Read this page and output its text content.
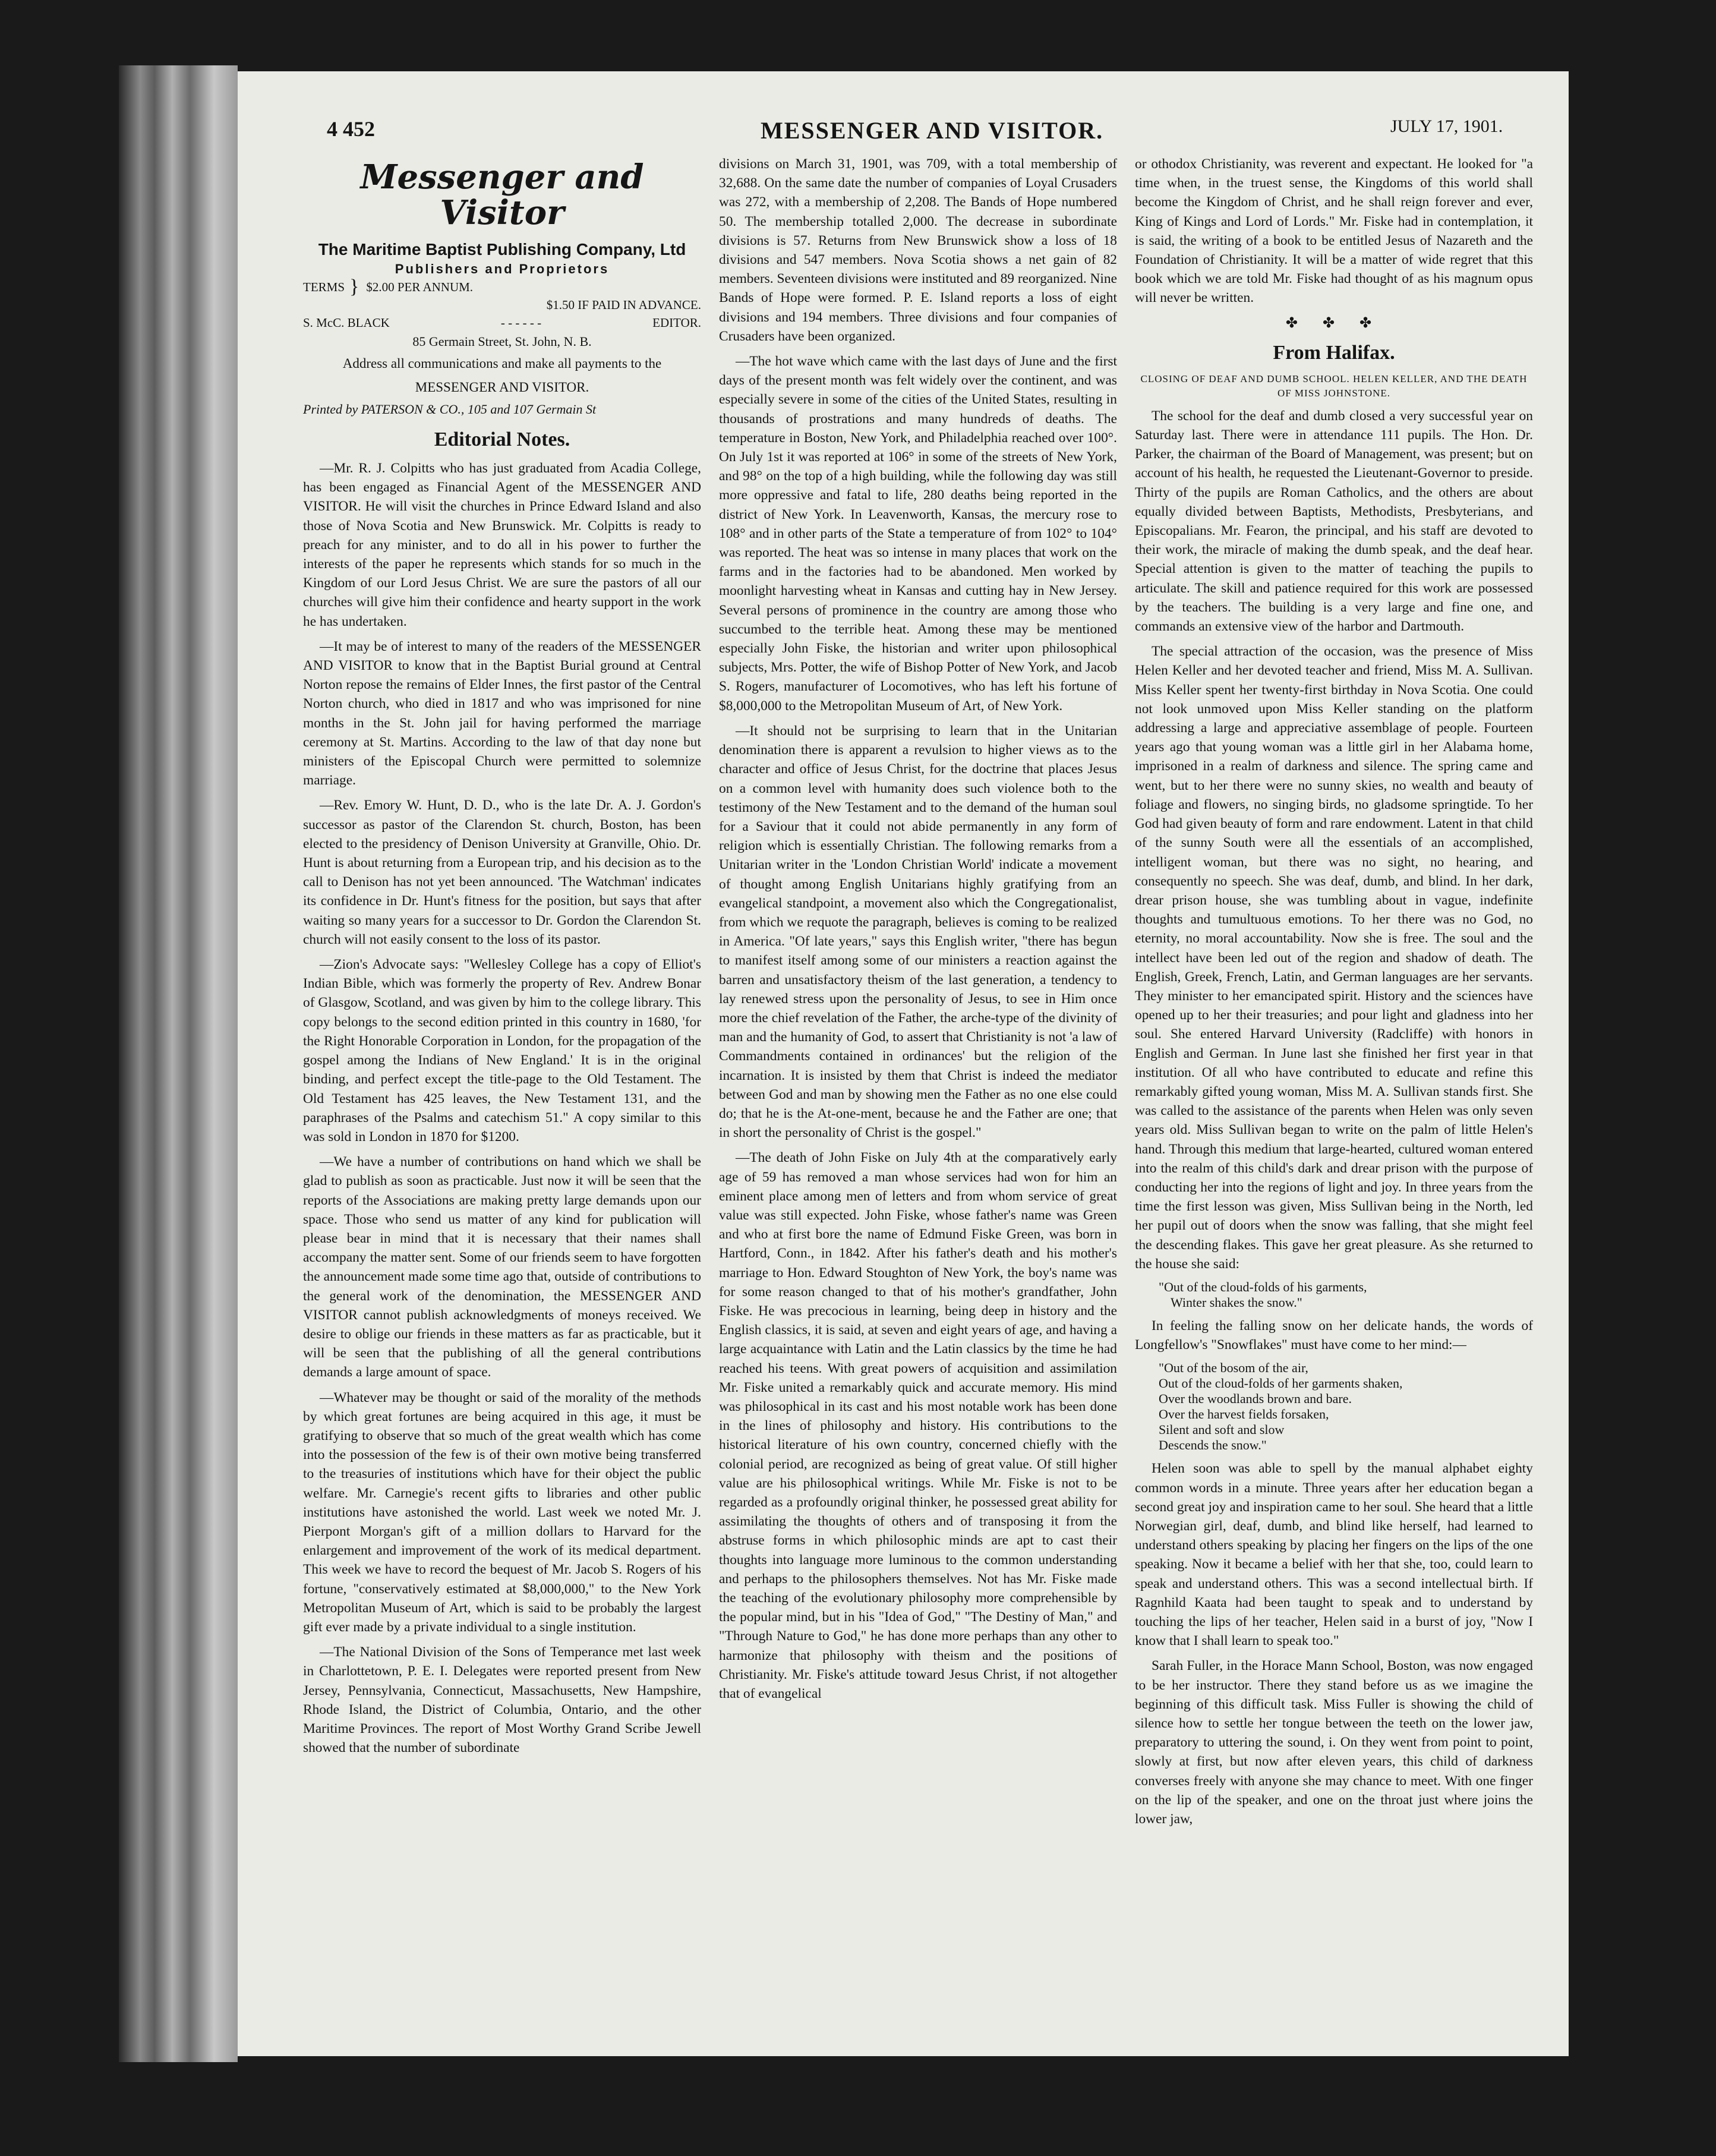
4 452	MESSENGER AND VISITOR.	JULY 17, 1901.
Messenger and Visitor
The Maritime Baptist Publishing Company, Ltd
Publishers and Proprietors
TERMS } $2.00 PER ANNUM.
$1.50 IF PAID IN ADVANCE.
S. McC. BLACK	- - - - - -	EDITOR.
85 Germain Street, St. John, N. B.
Address all communications and make all payments to the MESSENGER AND VISITOR.
Printed by PATERSON & CO., 105 and 107 Germain St
Editorial Notes.

—Mr. R. J. Colpitts who has just graduated from Acadia College, has been engaged as Financial Agent of the MESSENGER AND VISITOR. He will visit the churches in Prince Edward Island and also those of Nova Scotia and New Brunswick. Mr. Colpitts is ready to preach for any minister, and to do all in his power to further the interests of the paper he represents which stands for so much in the Kingdom of our Lord Jesus Christ. We are sure the pastors of all our churches will give him their confidence and hearty support in the work he has undertaken.

—It may be of interest to many of the readers of the MESSENGER AND VISITOR to know that in the Baptist Burial ground at Central Norton repose the remains of Elder Innes, the first pastor of the Central Norton church, who died in 1817 and who was imprisoned for nine months in the St. John jail for having performed the marriage ceremony at St. Martins. According to the law of that day none but ministers of the Episcopal Church were permitted to solemnize marriage.

—Rev. Emory W. Hunt, D. D., who is the late Dr. A. J. Gordon's successor as pastor of the Clarendon St. church, Boston, has been elected to the presidency of Denison University at Granville, Ohio. Dr. Hunt is about returning from a European trip, and his decision as to the call to Denison has not yet been announced. 'The Watchman' indicates its confidence in Dr. Hunt's fitness for the position, but says that after waiting so many years for a successor to Dr. Gordon the Clarendon St. church will not easily consent to the loss of its pastor.

—Zion's Advocate says: "Wellesley College has a copy of Elliot's Indian Bible, which was formerly the property of Rev. Andrew Bonar of Glasgow, Scotland, and was given by him to the college library. This copy belongs to the second edition printed in this country in 1680, 'for the Right Honorable Corporation in London, for the propagation of the gospel among the Indians of New England.' It is in the original binding, and perfect except the title-page to the Old Testament. The Old Testament has 425 leaves, the New Testament 131, and the paraphrases of the Psalms and catechism 51." A copy similar to this was sold in London in 1870 for $1200.

—We have a number of contributions on hand which we shall be glad to publish as soon as practicable. Just now it will be seen that the reports of the Associations are making pretty large demands upon our space. Those who send us matter of any kind for publication will please bear in mind that it is necessary that their names shall accompany the matter sent. Some of our friends seem to have forgotten the announcement made some time ago that, outside of contributions to the general work of the denomination, the MESSENGER AND VISITOR cannot publish acknowledgments of moneys received. We desire to oblige our friends in these matters as far as practicable, but it will be seen that the publishing of all the general contributions demands a large amount of space.

—Whatever may be thought or said of the morality of the methods by which great fortunes are being acquired in this age, it must be gratifying to observe that so much of the great wealth which has come into the possession of the few is of their own motive being transferred to the treasuries of institutions which have for their object the public welfare. Mr. Carnegie's recent gifts to libraries and other public institutions have astonished the world. Last week we noted Mr. J. Pierpont Morgan's gift of a million dollars to Harvard for the enlargement and improvement of the work of its medical department. This week we have to record the bequest of Mr. Jacob S. Rogers of his fortune, "conservatively estimated at $8,000,000," to the New York Metropolitan Museum of Art, which is said to be probably the largest gift ever made by a private individual to a single institution.

—The National Division of the Sons of Temperance met last week in Charlottetown, P. E. I. Delegates were reported present from New Jersey, Pennsylvania, Connecticut, Massachusetts, New Hampshire, Rhode Island, the District of Columbia, Ontario, and the other Maritime Provinces. The report of Most Worthy Grand Scribe Jewell showed that the number of subordinate

divisions on March 31, 1901, was 709, with a total membership of 32,688. On the same date the number of companies of Loyal Crusaders was 272, with a membership of 2,208. The Bands of Hope numbered 50. The membership totalled 2,000. The decrease in subordinate divisions is 57. Returns from New Brunswick show a loss of 18 divisions and 547 members. Nova Scotia shows a net gain of 82 members. Seventeen divisions were instituted and 89 reorganized. Nine Bands of Hope were formed. P. E. Island reports a loss of eight divisions and 194 members. Three divisions and four companies of Crusaders have been organized.

—The hot wave which came with the last days of June and the first days of the present month was felt widely over the continent, and was especially severe in some of the cities of the United States, resulting in thousands of prostrations and many hundreds of deaths. The temperature in Boston, New York, and Philadelphia reached over 100°. On July 1st it was reported at 106° in some of the streets of New York, and 98° on the top of a high building, while the following day was still more oppressive and fatal to life, 280 deaths being reported in the district of New York. In Leavenworth, Kansas, the mercury rose to 108° and in other parts of the State a temperature of from 102° to 104° was reported. The heat was so intense in many places that work on the farms and in the factories had to be abandoned. Men worked by moonlight harvesting wheat in Kansas and cutting hay in New Jersey. Several persons of prominence in the country are among those who succumbed to the terrible heat. Among these may be mentioned especially John Fiske, the historian and writer upon philosophical subjects, Mrs. Potter, the wife of Bishop Potter of New York, and Jacob S. Rogers, manufacturer of Locomotives, who has left his fortune of $8,000,000 to the Metropolitan Museum of Art, of New York.

—It should not be surprising to learn that in the Unitarian denomination there is apparent a revulsion to higher views as to the character and office of Jesus Christ, for the doctrine that places Jesus on a common level with humanity does such violence both to the testimony of the New Testament and to the demand of the human soul for a Saviour that it could not abide permanently in any form of religion which is essentially Christian. The following remarks from a Unitarian writer in the 'London Christian World' indicate a movement of thought among English Unitarians highly gratifying from an evangelical standpoint, a movement also which the Congregationalist, from which we requote the paragraph, believes is coming to be realized in America. "Of late years," says this English writer, "there has begun to manifest itself among some of our ministers a reaction against the barren and unsatisfactory theism of the last generation, a tendency to lay renewed stress upon the personality of Jesus, to see in Him once more the chief revelation of the Father, the arche-type of the divinity of man and the humanity of God, to assert that Christianity is not 'a law of Commandments contained in ordinances' but the religion of the incarnation. It is insisted by them that Christ is indeed the mediator between God and man by showing men the Father as no one else could do; that he is the At-one-ment, because he and the Father are one; that in short the personality of Christ is the gospel."

—The death of John Fiske on July 4th at the comparatively early age of 59 has removed a man whose services had won for him an eminent place among men of letters and from whom service of great value was still expected. John Fiske, whose father's name was Green and who at first bore the name of Edmund Fiske Green, was born in Hartford, Conn., in 1842. After his father's death and his mother's marriage to Hon. Edward Stoughton of New York, the boy's name was for some reason changed to that of his mother's grandfather, John Fiske. He was precocious in learning, being deep in history and the English classics, it is said, at seven and eight years of age, and having a large acquaintance with Latin and the Latin classics by the time he had reached his teens. With great powers of acquisition and assimilation Mr. Fiske united a remarkably quick and accurate memory. His mind was philosophical in its cast and his most notable work has been done in the lines of philosophy and history. His contributions to the historical literature of his own country, concerned chiefly with the colonial period, are recognized as being of great value. Of still higher value are his philosophical writings. While Mr. Fiske is not to be regarded as a profoundly original thinker, he possessed great ability for assimilating the thoughts of others and of transposing it from the abstruse forms in which philosophic minds are apt to cast their thoughts into language more luminous to the common understanding and perhaps to the philosophers themselves. Not has Mr. Fiske made the teaching of the evolutionary philosophy more comprehensible by the popular mind, but in his "Idea of God," "The Destiny of Man," and "Through Nature to God," he has done more perhaps than any other to harmonize that philosophy with theism and the positions of Christianity. Mr. Fiske's attitude toward Jesus Christ, if not altogether that of evangelical

or othodox Christianity, was reverent and expectant. He looked for "a time when, in the truest sense, the Kingdoms of this world shall become the Kingdom of Christ, and he shall reign forever and ever, King of Kings and Lord of Lords." Mr. Fiske had in contemplation, it is said, the writing of a book to be entitled Jesus of Nazareth and the Foundation of Christianity. It will be a matter of wide regret that this book which we are told Mr. Fiske had thought of as his magnum opus will never be written.

✤ ✤ ✤
From Halifax.
CLOSING OF DEAF AND DUMB SCHOOL. HELEN KELLER, AND THE DEATH OF MISS JOHNSTONE.

The school for the deaf and dumb closed a very successful year on Saturday last. There were in attendance 111 pupils. The Hon. Dr. Parker, the chairman of the Board of Management, was present; but on account of his health, he requested the Lieutenant-Governor to preside. Thirty of the pupils are Roman Catholics, and the others are about equally divided between Baptists, Methodists, Presbyterians, and Episcopalians. Mr. Fearon, the principal, and his staff are devoted to their work, the miracle of making the dumb speak, and the deaf hear. Special attention is given to the matter of teaching the pupils to articulate. The skill and patience required for this work are possessed by the teachers. The building is a very large and fine one, and commands an extensive view of the harbor and Dartmouth.

The special attraction of the occasion, was the presence of Miss Helen Keller and her devoted teacher and friend, Miss M. A. Sullivan. Miss Keller spent her twenty-first birthday in Nova Scotia. One could not look unmoved upon Miss Keller standing on the platform addressing a large and appreciative assemblage of people. Fourteen years ago that young woman was a little girl in her Alabama home, imprisoned in a realm of darkness and silence. The spring came and went, but to her there were no sunny skies, no wealth and beauty of foliage and flowers, no singing birds, no gladsome springtide. To her God had given beauty of form and rare endowment. Latent in that child of the sunny South were all the essentials of an accomplished, intelligent woman, but there was no sight, no hearing, and consequently no speech. She was deaf, dumb, and blind. In her dark, drear prison house, she was tumbling about in vague, indefinite thoughts and tumultuous emotions. To her there was no God, no eternity, no moral accountability. Now she is free. The soul and the intellect have been led out of the region and shadow of death. The English, Greek, French, Latin, and German languages are her servants. They minister to her emancipated spirit. History and the sciences have opened up to her their treasuries; and pour light and gladness into her soul. She entered Harvard University (Radcliffe) with honors in English and German. In June last she finished her first year in that institution. Of all who have contributed to educate and refine this remarkably gifted young woman, Miss M. A. Sullivan stands first. She was called to the assistance of the parents when Helen was only seven years old. Miss Sullivan began to write on the palm of little Helen's hand. Through this medium that large-hearted, cultured woman entered into the realm of this child's dark and drear prison with the purpose of conducting her into the regions of light and joy. In three years from the time the first lesson was given, Miss Sullivan being in the North, led her pupil out of doors when the snow was falling, that she might feel the descending flakes. This gave her great pleasure. As she returned to the house she said:

"Out of the cloud-folds of his garments,
Winter shakes the snow."

In feeling the falling snow on her delicate hands, the words of Longfellow's "Snowflakes" must have come to her mind:—

"Out of the bosom of the air,
Out of the cloud-folds of her garments shaken,
Over the woodlands brown and bare.
Over the harvest fields forsaken,
Silent and soft and slow
Descends the snow."

Helen soon was able to spell by the manual alphabet eighty common words in a minute. Three years after her education began a second great joy and inspiration came to her soul. She heard that a little Norwegian girl, deaf, dumb, and blind like herself, had learned to understand others speaking by placing her fingers on the lips of the one speaking. Now it became a belief with her that she, too, could learn to speak and understand others. This was a second intellectual birth. If Ragnhild Kaata had been taught to speak and to understand by touching the lips of her teacher, Helen said in a burst of joy, "Now I know that I shall learn to speak too."

Sarah Fuller, in the Horace Mann School, Boston, was now engaged to be her instructor. There they stand before us as we imagine the beginning of this difficult task. Miss Fuller is showing the child of silence how to settle her tongue between the teeth on the lower jaw, preparatory to uttering the sound, i. On they went from point to point, slowly at first, but now after eleven years, this child of darkness converses freely with anyone she may chance to meet. With one finger on the lip of the speaker, and one on the throat just where joins the lower jaw,
